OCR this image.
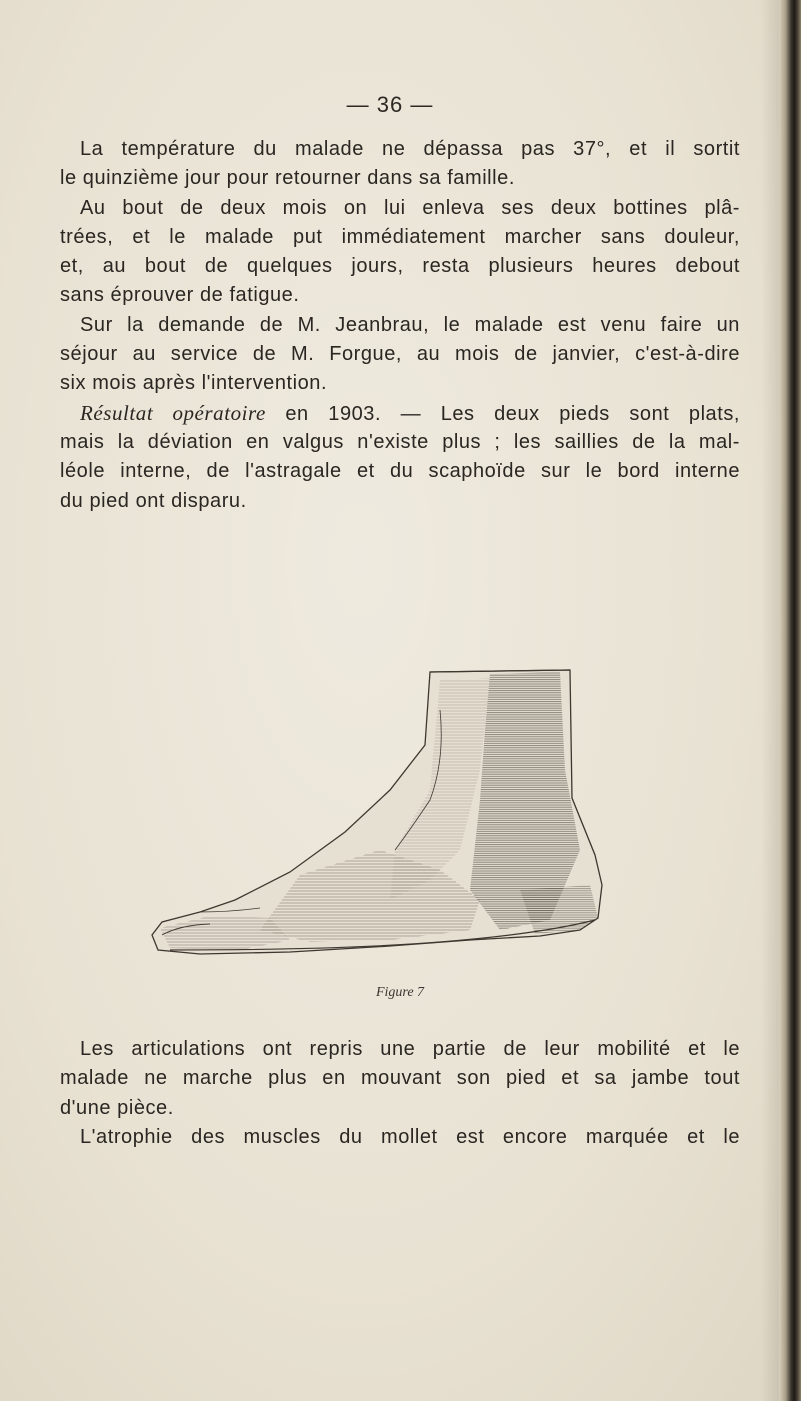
— 36 —
La température du malade ne dépassa pas 37°, et il sortit
le quinzième jour pour retourner dans sa famille.
Au bout de deux mois on lui enleva ses deux bottines plâ-
trées, et le malade put immédiatement marcher sans douleur,
et, au bout de quelques jours, resta plusieurs heures debout
sans éprouver de fatigue.
Sur la demande de M. Jeanbrau, le malade est venu faire un
séjour au service de M. Forgue, au mois de janvier, c'est-à-dire
six mois après l'intervention.
Résultat opératoire en 1903. — Les deux pieds sont plats,
mais la déviation en valgus n'existe plus ; les saillies de la mal-
léole interne, de l'astragale et du scaphoïde sur le bord interne
du pied ont disparu.
Figure 7
Les articulations ont repris une partie de leur mobilité et le
malade ne marche plus en mouvant son pied et sa jambe tout
d'une pièce.
L'atrophie des muscles du mollet est encore marquée et le
